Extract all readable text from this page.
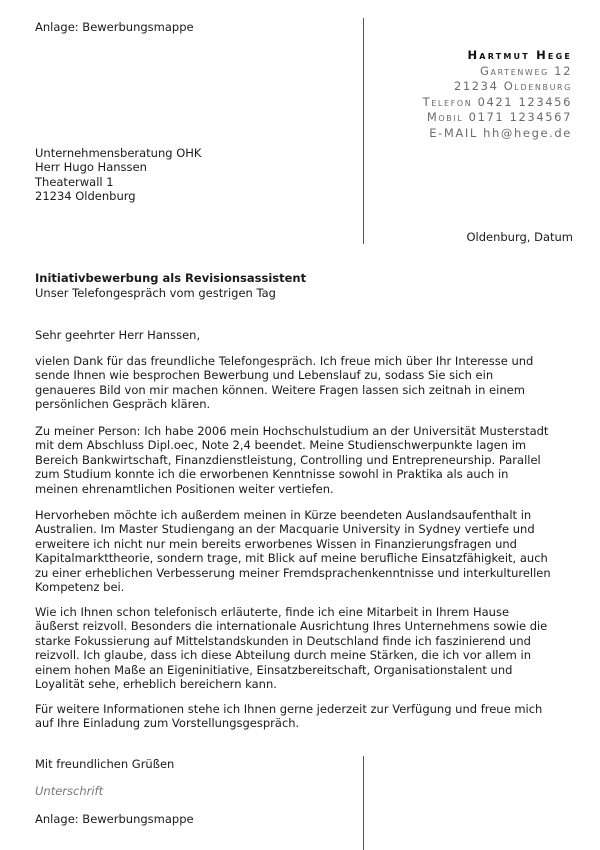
Anlage: Bewerbungsmappe
Hartmut Hege
Gartenweg 12
21234 Oldenburg
Telefon 0421 123456
Mobil 0171 1234567
E-MAIL hh@hege.de
Unternehmensberatung OHK
Herr Hugo Hanssen
Theaterwall 1
21234 Oldenburg
Oldenburg, Datum
Initiativbewerbung als Revisionsassistent
Unser Telefongespräch vom gestrigen Tag
Sehr geehrter Herr Hanssen,
vielen Dank für das freundliche Telefongespräch. Ich freue mich über Ihr Interesse und sende Ihnen wie besprochen Bewerbung und Lebenslauf zu, sodass Sie sich ein genaueres Bild von mir machen können. Weitere Fragen lassen sich zeitnah in einem persönlichen Gespräch klären.
Zu meiner Person: Ich habe 2006 mein Hochschulstudium an der Universität Musterstadt mit dem Abschluss Dipl.oec, Note 2,4 beendet. Meine Studienschwerpunkte lagen im Bereich Bankwirtschaft, Finanzdienstleistung, Controlling und Entrepreneurship. Parallel zum Studium konnte ich die erworbenen Kenntnisse sowohl in Praktika als auch in meinen ehrenamtlichen Positionen weiter vertiefen.
Hervorheben möchte ich außerdem meinen in Kürze beendeten Auslandsaufenthalt in Australien. Im Master Studiengang an der Macquarie University in Sydney vertiefe und erweitere ich nicht nur mein bereits erworbenes Wissen in Finanzierungsfragen und Kapitalmarkttheorie, sondern trage, mit Blick auf meine berufliche Einsatzfähigkeit, auch zu einer erheblichen Verbesserung meiner Fremdsprachenkenntnisse und interkulturellen Kompetenz bei.
Wie ich Ihnen schon telefonisch erläuterte, finde ich eine Mitarbeit in Ihrem Hause äußerst reizvoll. Besonders die internationale Ausrichtung Ihres Unternehmens sowie die starke Fokussierung auf Mittelstandskunden in Deutschland finde ich faszinierend und reizvoll. Ich glaube, dass ich diese Abteilung durch meine Stärken, die ich vor allem in einem hohen Maße an Eigeninitiative, Einsatzbereitschaft, Organisationstalent und Loyalität sehe, erheblich bereichern kann.
Für weitere Informationen stehe ich Ihnen gerne jederzeit zur Verfügung und freue mich auf Ihre Einladung zum Vorstellungsgespräch.
Mit freundlichen Grüßen
Unterschrift
Anlage: Bewerbungsmappe
